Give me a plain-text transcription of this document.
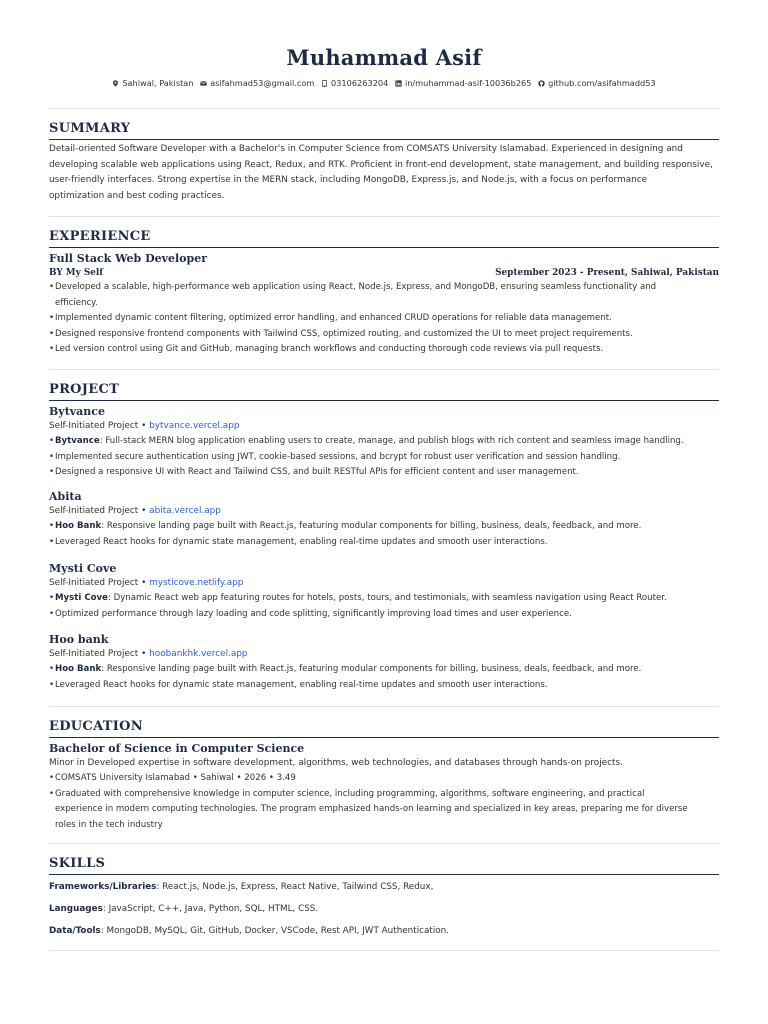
Muhammad Asif
Sahiwal, Pakistan asifahmad53@gmail.com 03106263204 in/muhammad-asif-10036b265 github.com/asifahmadd53
SUMMARY
Detail-oriented Software Developer with a Bachelor's in Computer Science from COMSATS University Islamabad. Experienced in designing and
developing scalable web applications using React, Redux, and RTK. Proficient in front-end development, state management, and building responsive,
user-friendly interfaces. Strong expertise in the MERN stack, including MongoDB, Express.js, and Node.js, with a focus on performance
optimization and best coding practices.
EXPERIENCE
Full Stack Web Developer
BY My Self	September 2023 - Present, Sahiwal, Pakistan
• Developed a scalable, high-performance web application using React, Node.js, Express, and MongoDB, ensuring seamless functionality and
efficiency.
• Implemented dynamic content filtering, optimized error handling, and enhanced CRUD operations for reliable data management.
• Designed responsive frontend components with Tailwind CSS, optimized routing, and customized the UI to meet project requirements.
• Led version control using Git and GitHub, managing branch workflows and conducting thorough code reviews via pull requests.
PROJECT
Bytvance
Self-Initiated Project • bytvance.vercel.app
• Bytvance: Full-stack MERN blog application enabling users to create, manage, and publish blogs with rich content and seamless image handling.
• Implemented secure authentication using JWT, cookie-based sessions, and bcrypt for robust user verification and session handling.
• Designed a responsive UI with React and Tailwind CSS, and built RESTful APIs for efficient content and user management.
Abita
Self-Initiated Project • abita.vercel.app
• Hoo Bank: Responsive landing page built with React.js, featuring modular components for billing, business, deals, feedback, and more.
• Leveraged React hooks for dynamic state management, enabling real-time updates and smooth user interactions.
Mysti Cove
Self-Initiated Project • mysticove.netlify.app
• Mysti Cove: Dynamic React web app featuring routes for hotels, posts, tours, and testimonials, with seamless navigation using React Router.
• Optimized performance through lazy loading and code splitting, significantly improving load times and user experience.
Hoo bank
Self-Initiated Project • hoobankhk.vercel.app
• Hoo Bank: Responsive landing page built with React.js, featuring modular components for billing, business, deals, feedback, and more.
• Leveraged React hooks for dynamic state management, enabling real-time updates and smooth user interactions.
EDUCATION
Bachelor of Science in Computer Science
Minor in Developed expertise in software development, algorithms, web technologies, and databases through hands-on projects.
• COMSATS University Islamabad • Sahiwal • 2026 • 3.49
• Graduated with comprehensive knowledge in computer science, including programming, algorithms, software engineering, and practical
experience in modern computing technologies. The program emphasized hands-on learning and specialized in key areas, preparing me for diverse
roles in the tech industry
SKILLS
Frameworks/Libraries: React.js, Node.js, Express, React Native, Tailwind CSS, Redux,
Languages: JavaScript, C++, Java, Python, SQL, HTML, CSS.
Data/Tools: MongoDB, MySQL, Git, GitHub, Docker, VSCode, Rest API, JWT Authentication.
